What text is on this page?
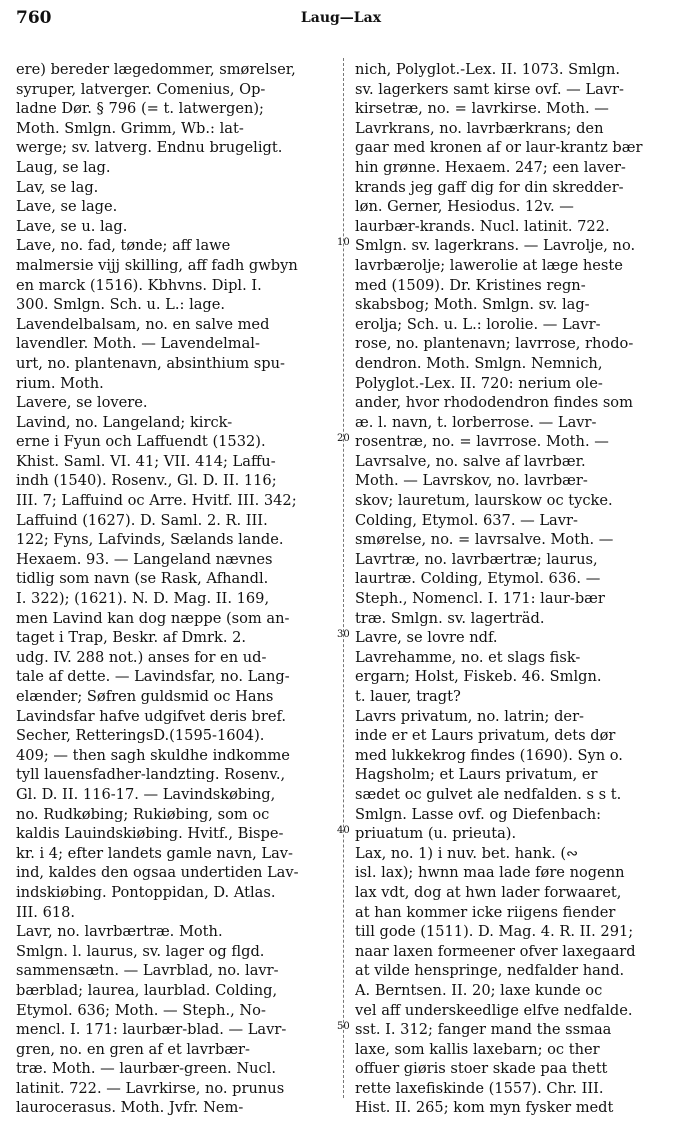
760	Laug—Lax
10
20
30
40
50
ere) bereder lægedommer, smørelser,
syruper, latverger. Comenius, Op-
ladne Dør. § 796 (= t. latwergen);
Moth. Smlgn. Grimm, Wb.: lat-
werge; sv. latverg. Endnu brugeligt.
Laug, se lag.
Lav, se lag.
Lave, se lage.
Lave, se u. lag.
Lave, no. fad, tønde; aff lawe
malmersie vijj skilling, aff fadh gwbyn
en marck (1516). Kbhvns. Dipl. I.
300. Smlgn. Sch. u. L.: lage.
Lavendelbalsam, no. en salve med
lavendler. Moth. — Lavendelmal-
urt, no. plantenavn, absinthium spu-
rium. Moth.
Lavere, se lovere.
Lavind, no. Langeland; kirck-
erne i Fyun och Laffuendt (1532).
Khist. Saml. VI. 41; VII. 414; Laffu-
indh (1540). Rosenv., Gl. D. II. 116;
III. 7; Laffuind oc Arre. Hvitf. III. 342;
Laffuind (1627). D. Saml. 2. R. III.
122; Fyns, Lafvinds, Sælands lande.
Hexaem. 93. — Langeland nævnes
tidlig som navn (se Rask, Afhandl.
I. 322); (1621). N. D. Mag. II. 169,
men Lavind kan dog næppe (som an-
taget i Trap, Beskr. af Dmrk. 2.
udg. IV. 288 not.) anses for en ud-
tale af dette. — Lavindsfar, no. Lang-
elænder; Søfren guldsmid oc Hans
Lavindsfar hafve udgifvet deris bref.
Secher, RetteringsD.(1595-1604).
409; — then sagh skuldhe indkomme
tyll lauensfadher-landzting. Rosenv.,
Gl. D. II. 116-17. — Lavindskøbing,
no. Rudkøbing; Rukiøbing, som oc
kaldis Lauindskiøbing. Hvitf., Bispe-
kr. i 4; efter landets gamle navn, Lav-
ind, kaldes den ogsaa undertiden Lav-
indskiøbing. Pontoppidan, D. Atlas.
III. 618.
Lavr, no. lavrbærtræ. Moth.
Smlgn. l. laurus, sv. lager og flgd.
sammensætn. — Lavrblad, no. lavr-
bærblad; laurea, laurblad. Colding,
Etymol. 636; Moth. — Steph., No-
mencl. I. 171: laurbær-blad. — Lavr-
gren, no. en gren af et lavrbær-
træ. Moth. — laurbær-green. Nucl.
latinit. 722. — Lavrkirse, no. prunus
laurocerasus. Moth. Jvfr. Nem-
nich, Polyglot.-Lex. II. 1073. Smlgn.
sv. lagerkers samt kirse ovf. — Lavr-
kirsetræ, no. = lavrkirse. Moth. —
Lavrkrans, no. lavrbærkrans; den
gaar med kronen af or laur-krantz bær
hin grønne. Hexaem. 247; een laver-
krands jeg gaff dig for din skredder-
løn. Gerner, Hesiodus. 12v. —
laurbær-krands. Nucl. latinit. 722.
Smlgn. sv. lagerkrans. — Lavrolje, no.
lavrbærolje; lawerolie at læge heste
med (1509). Dr. Kristines regn-
skabsbog; Moth. Smlgn. sv. lag-
erolja; Sch. u. L.: lorolie. — Lavr-
rose, no. plantenavn; lavrrose, rhodo-
dendron. Moth. Smlgn. Nemnich,
Polyglot.-Lex. II. 720: nerium ole-
ander, hvor rhododendron findes som
æ. l. navn, t. lorberrose. — Lavr-
rosentræ, no. = lavrrose. Moth. —
Lavrsalve, no. salve af lavrbær.
Moth. — Lavrskov, no. lavrbær-
skov; lauretum, laurskow oc tycke.
Colding, Etymol. 637. — Lavr-
smørelse, no. = lavrsalve. Moth. —
Lavrtræ, no. lavrbærtræ; laurus,
laurtræ. Colding, Etymol. 636. —
Steph., Nomencl. I. 171: laur-bær
træ. Smlgn. sv. lagerträd.
Lavre, se lovre ndf.
Lavrehamme, no. et slags fisk-
ergarn; Holst, Fiskeb. 46. Smlgn.
t. lauer, tragt?
Lavrs privatum, no. latrin; der-
inde er et Laurs privatum, dets dør
med lukkekrog findes (1690). Syn o.
Hagsholm; et Laurs privatum, er
sædet oc gulvet ale nedfalden. s s t.
Smlgn. Lasse ovf. og Diefenbach:
priuatum (u. prieuta).
Lax, no. 1) i nuv. bet. hank. (∾
isl. lax); hwnn maa lade føre nogenn
lax vdt, dog at hwn lader forwaaret,
at han kommer icke riigens fiender
till gode (1511). D. Mag. 4. R. II. 291;
naar laxen formeener ofver laxegaard
at vilde henspringe, nedfalder hand.
A. Berntsen. II. 20; laxe kunde oc
vel aff underskeedlige elfve nedfalde.
sst. I. 312; fanger mand the ssmaa
laxe, som kallis laxebarn; oc ther
offuer giøris stoer skade paa thett
rette laxefiskinde (1557). Chr. III.
Hist. II. 265; kom myn fysker medt
